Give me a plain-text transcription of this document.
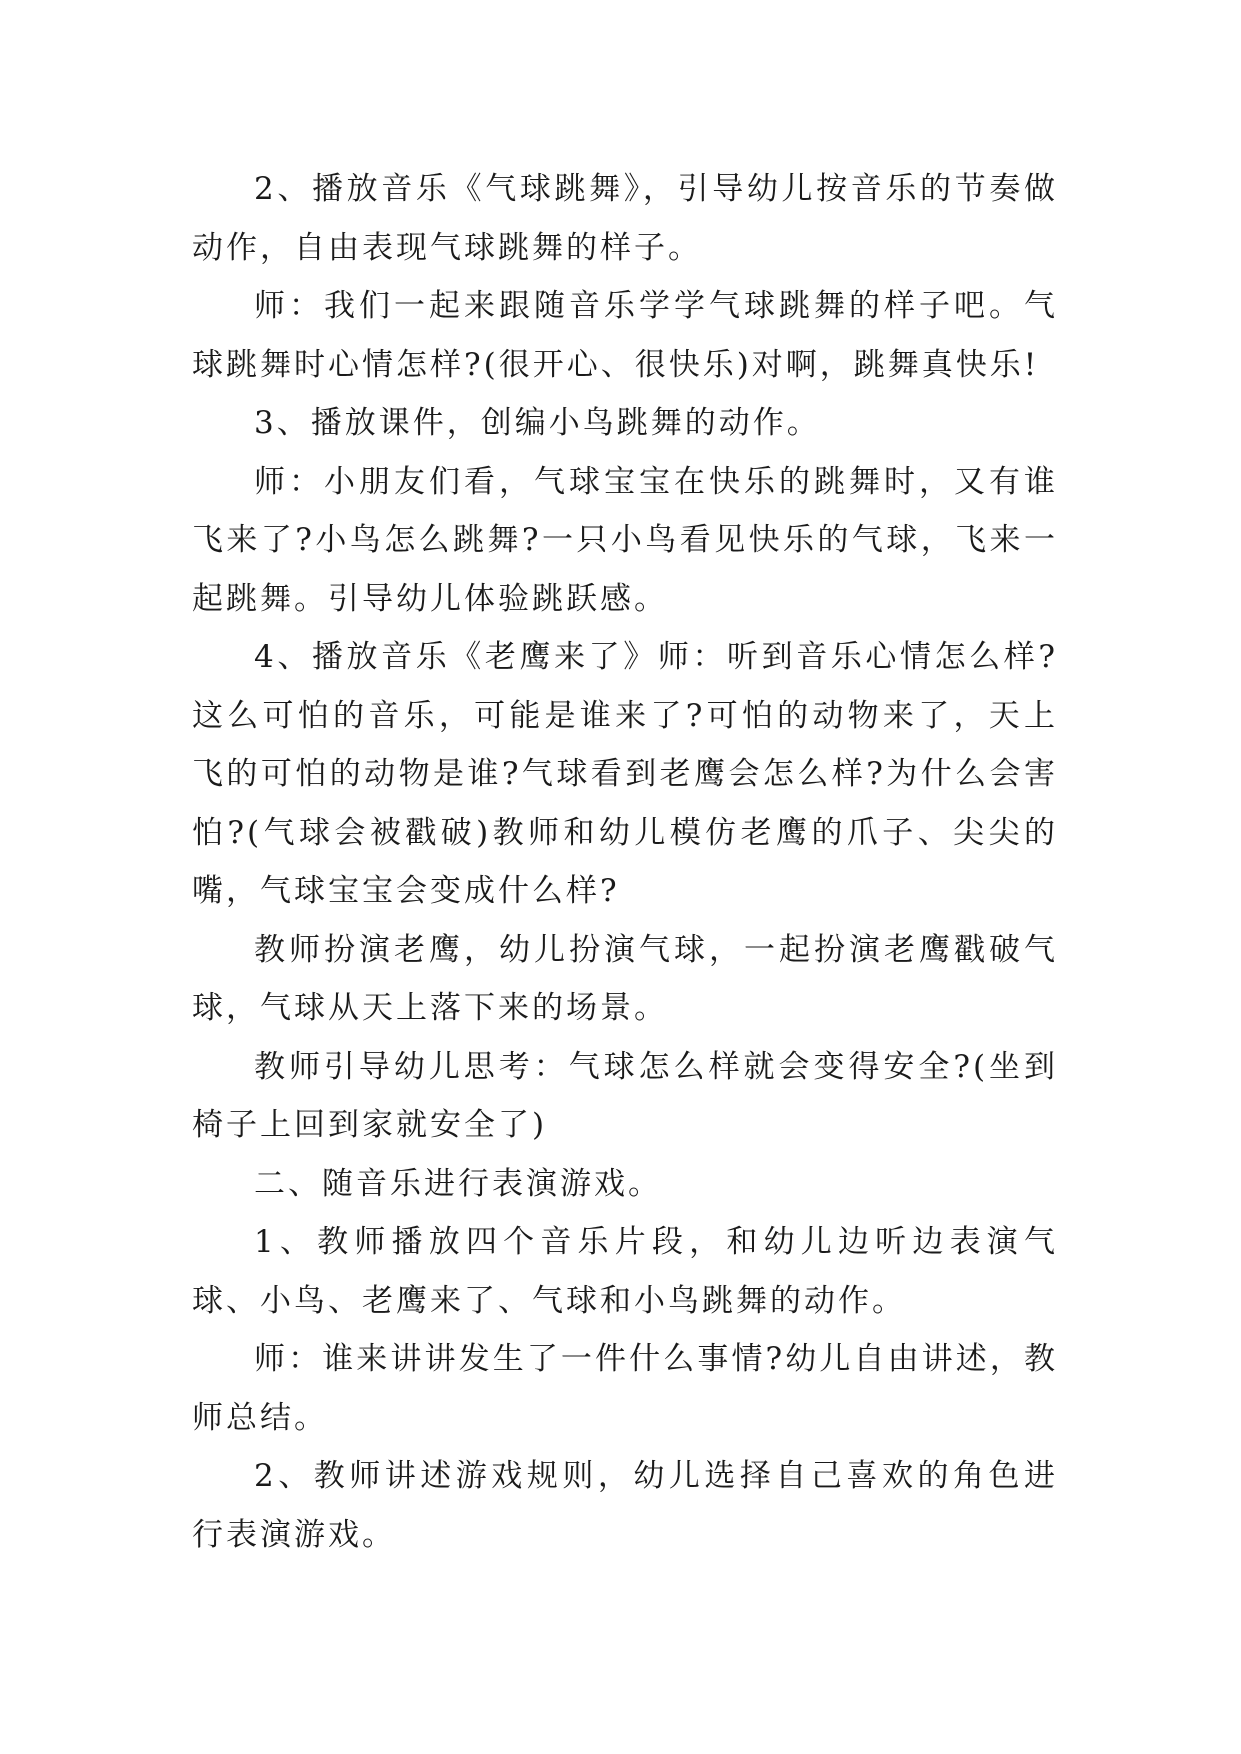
2、播放音乐《气球跳舞》，引导幼儿按音乐的节奏做动作，自由表现气球跳舞的样子。

师：我们一起来跟随音乐学学气球跳舞的样子吧。气球跳舞时心情怎样?(很开心、很快乐)对啊，跳舞真快乐!

3、播放课件，创编小鸟跳舞的动作。

师：小朋友们看，气球宝宝在快乐的跳舞时，又有谁飞来了?小鸟怎么跳舞?一只小鸟看见快乐的气球，飞来一起跳舞。引导幼儿体验跳跃感。

4、播放音乐《老鹰来了》师：听到音乐心情怎么样?这么可怕的音乐，可能是谁来了?可怕的动物来了，天上飞的可怕的动物是谁?气球看到老鹰会怎么样?为什么会害怕?(气球会被戳破)教师和幼儿模仿老鹰的爪子、尖尖的嘴，气球宝宝会变成什么样?

教师扮演老鹰，幼儿扮演气球，一起扮演老鹰戳破气球，气球从天上落下来的场景。

教师引导幼儿思考：气球怎么样就会变得安全?(坐到椅子上回到家就安全了)

二、随音乐进行表演游戏。

1、教师播放四个音乐片段，和幼儿边听边表演气球、小鸟、老鹰来了、气球和小鸟跳舞的动作。

师：谁来讲讲发生了一件什么事情?幼儿自由讲述，教师总结。

2、教师讲述游戏规则，幼儿选择自己喜欢的角色进行表演游戏。
